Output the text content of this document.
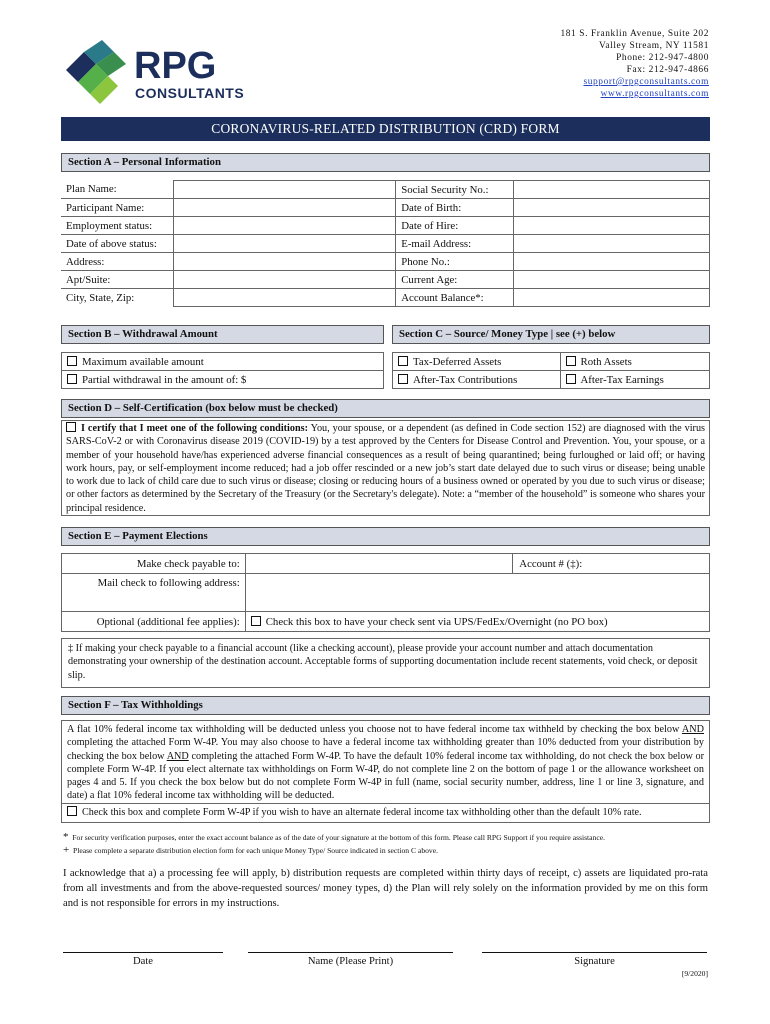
RPG
CONSULTANTS
181 S. Franklin Avenue, Suite 202
Valley Stream, NY 11581
Phone: 212-947-4800
Fax: 212-947-4866
support@rpgconsultants.com
www.rpgconsultants.com
CORONAVIRUS-RELATED DISTRIBUTION (CRD) FORM
Section A – Personal Information
Plan Name:		Social Security No.:	
Participant Name:		Date of Birth:	
Employment status:		Date of Hire:	
Date of above status:		E-mail Address:	
Address:		Phone No.:	
Apt/Suite:		Current Age:	
City, State, Zip:		Account Balance*:	
Section B – Withdrawal Amount	Section C – Source/ Money Type | see (+) below
Maximum available amount
Partial withdrawal in the amount of: $
Tax-Deferred Assets	Roth Assets
After-Tax Contributions	After-Tax Earnings
Section D – Self-Certification (box below must be checked)
I certify that I meet one of the following conditions: You, your spouse, or a dependent (as defined in Code section 152) are diagnosed with the virus SARS-CoV-2 or with Coronavirus disease 2019 (COVID-19) by a test approved by the Centers for Disease Control and Prevention. You, your spouse, or a member of your household have/has experienced adverse financial consequences as a result of being quarantined; being furloughed or laid off; or having work hours, pay, or self-employment income reduced; had a job offer rescinded or a new job’s start date delayed due to such virus or disease; being unable to work due to lack of child care due to such virus or disease; closing or reducing hours of a business owned or operated by you due to such virus or disease; or other factors as determined by the Secretary of the Treasury (or the Secretary's delegate). Note: a “member of the household” is someone who shares your principal residence.
Section E – Payment Elections
Make check payable to:		Account # (‡):
Mail check to following address:		
Optional (additional fee applies):	Check this box to have your check sent via UPS/FedEx/Overnight (no PO box)	
‡ If making your check payable to a financial account (like a checking account), please provide your account number and attach documentation demonstrating your ownership of the destination account. Acceptable forms of supporting documentation include recent statements, void check, or deposit slip.
Section F – Tax Withholdings
A flat 10% federal income tax withholding will be deducted unless you choose not to have federal income tax withheld by checking the box below AND completing the attached Form W-4P. You may also choose to have a federal income tax withholding greater than 10% deducted from your distribution by checking the box below AND completing the attached Form W-4P. To have the default 10% federal income tax withholding, do not check the box below or complete Form W-4P. If you elect alternate tax withholdings on Form W-4P, do not complete line 2 on the bottom of page 1 or the allowance worksheet on pages 4 and 5. If you check the box below but do not complete Form W-4P in full (name, social security number, address, line 1 or line 3, signature, and date) a flat 10% federal income tax withholding will be deducted.
Check this box and complete Form W-4P if you wish to have an alternate federal income tax withholding other than the default 10% rate.
* For security verification purposes, enter the exact account balance as of the date of your signature at the bottom of this form. Please call RPG Support if you require assistance.
+ Please complete a separate distribution election form for each unique Money Type/ Source indicated in section C above.
I acknowledge that a) a processing fee will apply, b) distribution requests are completed within thirty days of receipt, c) assets are liquidated pro-rata from all investments and from the above-requested sources/ money types, d) the Plan will rely solely on the information provided by me on this form and is not responsible for errors in my instructions.
Date	Name (Please Print)	Signature
[9/2020]
